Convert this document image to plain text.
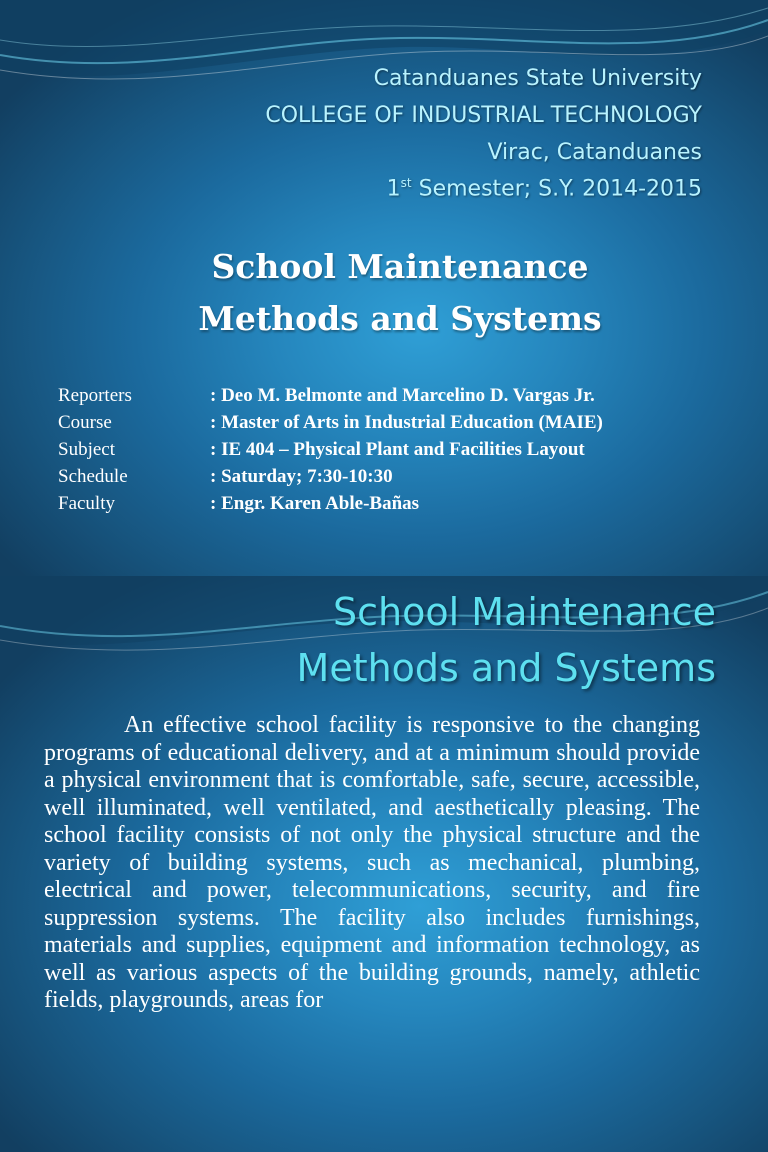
Catanduanes State University

COLLEGE OF INDUSTRIAL TECHNOLOGY

Virac, Catanduanes

1st Semester; S.Y. 2014-2015

School Maintenance

Methods and Systems

Reporters	: Deo M. Belmonte and Marcelino D. Vargas Jr.
Course	: Master of Arts in Industrial Education (MAIE)
Subject	: IE 404 – Physical Plant and Facilities Layout
Schedule	: Saturday; 7:30-10:30
Faculty	: Engr. Karen Able-Bañas

School Maintenance
Methods and Systems

An effective school facility is responsive to the changing programs of educational delivery, and at a minimum should provide a physical environment that is comfortable, safe, secure, accessible, well illuminated, well ventilated, and aesthetically pleasing. The school facility consists of not only the physical structure and the variety of building systems, such as mechanical, plumbing, electrical and power, telecommunications, security, and fire suppression systems. The facility also includes furnishings, materials and supplies, equipment and information technology, as well as various aspects of the building grounds, namely, athletic fields, playgrounds, areas for
